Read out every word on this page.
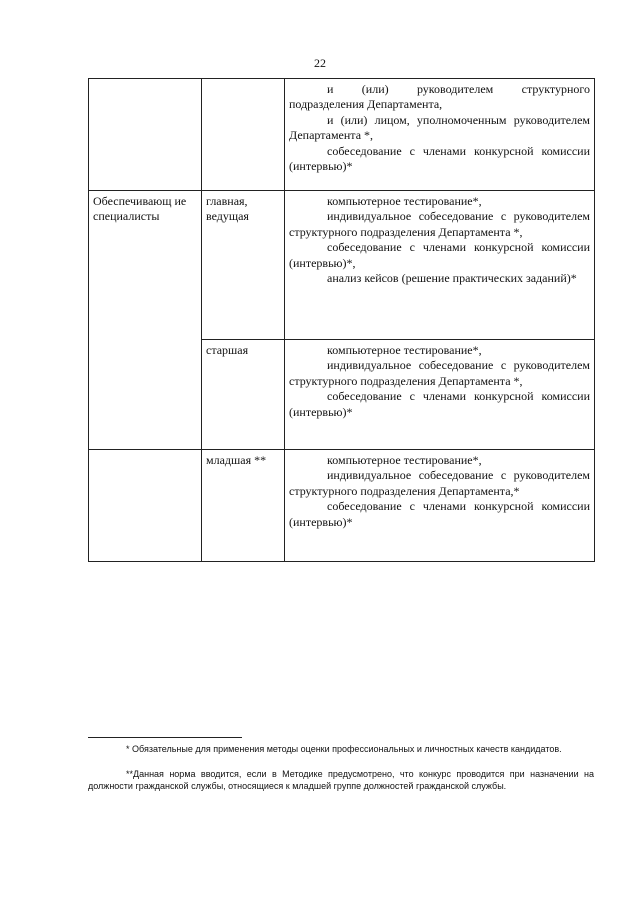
22

		и (или) руководителем структурного подразделения Департамента,

и (или) лицом, уполномоченным руководителем Департамента *,

собеседование с членами конкурсной комиссии (интервью)*

Обеспечивающ ие специалисты	главная, ведущая	компьютерное тестирование*,

индивидуальное собеседование с руководителем структурного подразделения Департамента *,

собеседование с членами конкурсной комиссии (интервью)*,

анализ кейсов (решение практических заданий)*

	старшая	компьютерное тестирование*,

индивидуальное собеседование с руководителем структурного подразделения Департамента *,

собеседование с членами конкурсной комиссии (интервью)*

	младшая **	компьютерное тестирование*,

индивидуальное собеседование с руководителем структурного подразделения Департамента,*

собеседование с членами конкурсной комиссии (интервью)*

* Обязательные для применения методы оценки профессиональных и личностных качеств кандидатов.

**Данная норма вводится, если в Методике предусмотрено, что конкурс проводится при назначении на должности гражданской службы, относящиеся к младшей группе должностей гражданской службы.
